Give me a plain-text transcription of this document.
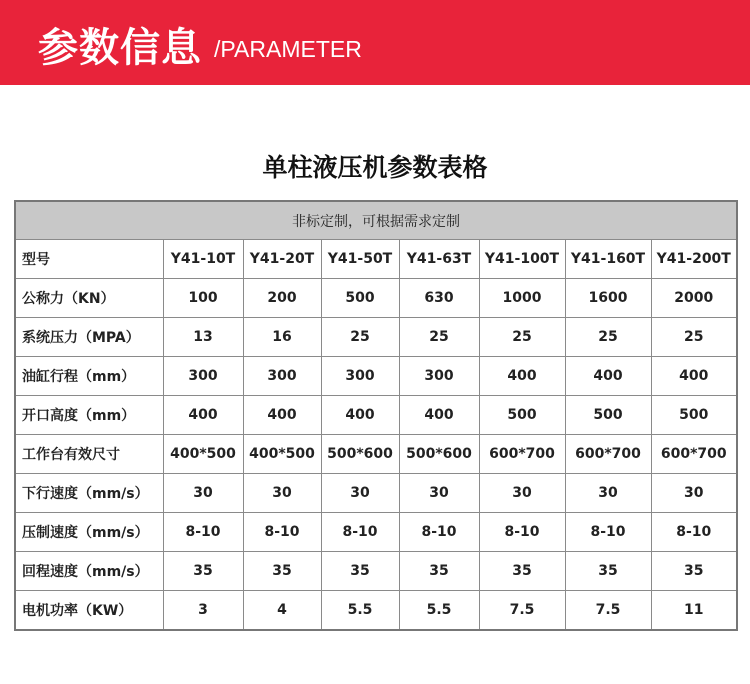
参数信息 /PARAMETER
单柱液压机参数表格
非标定制，可根据需求定制							
型号	Y41-10T	Y41-20T	Y41-50T	Y41-63T	Y41-100T	Y41-160T	Y41-200T
公称力（KN）	100	200	500	630	1000	1600	2000
系统压力（MPA）	13	16	25	25	25	25	25
油缸行程（mm）	300	300	300	300	400	400	400
开口高度（mm）	400	400	400	400	500	500	500
工作台有效尺寸	400*500	400*500	500*600	500*600	600*700	600*700	600*700
下行速度（mm/s）	30	30	30	30	30	30	30
压制速度（mm/s）	8-10	8-10	8-10	8-10	8-10	8-10	8-10
回程速度（mm/s）	35	35	35	35	35	35	35
电机功率（KW）	3	4	5.5	5.5	7.5	7.5	11
